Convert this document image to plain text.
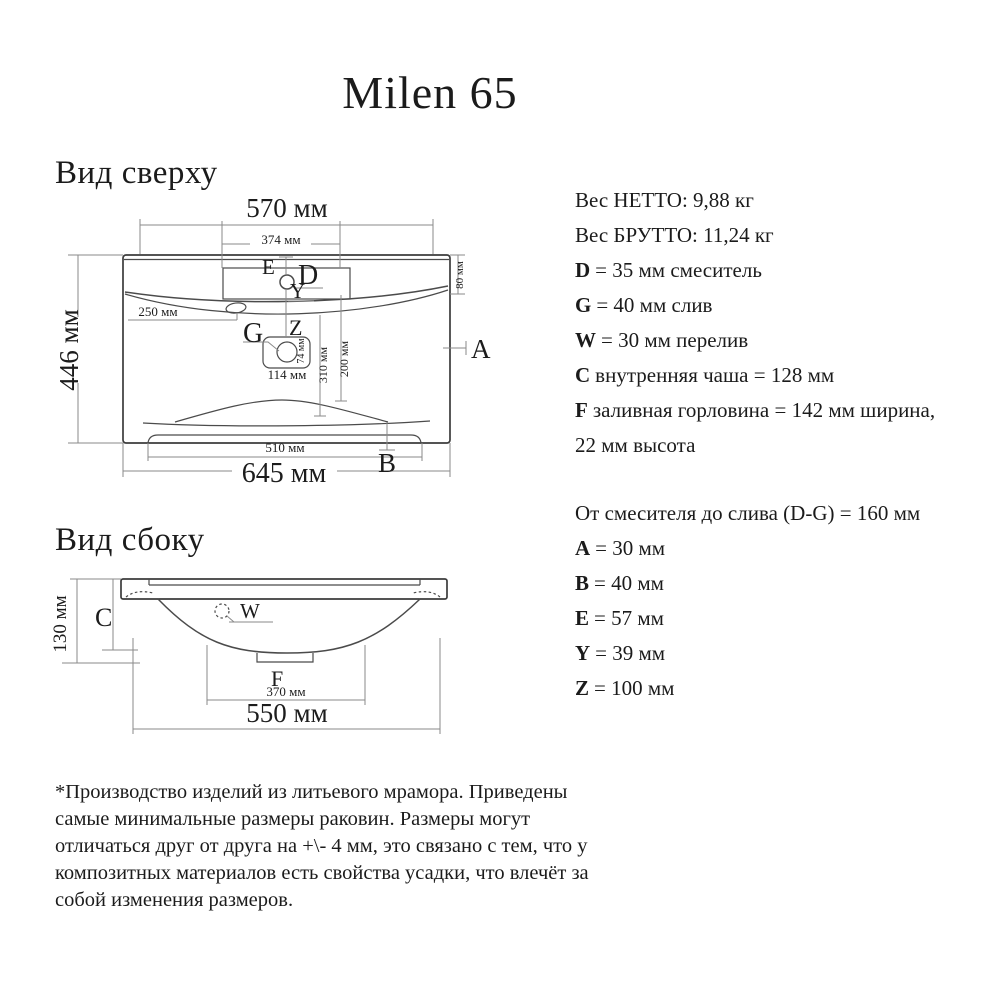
Milen 65
Вид сверху
570 мм
374 мм
446 мм
80 мм
E D
Y
250 мм
G Z
114 мм
74 мм 310 мм 200 мм
510 мм
B
645 мм
A
Вес НЕТТО: 9,88 кг
Вес БРУТТО: 11,24 кг
D = 35 мм смеситель
G = 40 мм слив
W = 30 мм перелив
C внутренняя чаша = 128 мм
F заливная горловина = 142 мм ширина,
22 мм высота
От смесителя до слива (D-G) = 160 мм
A = 30 мм
B = 40 мм
E = 57 мм
Y = 39 мм
Z = 100 мм
Вид сбоку
C
130 мм	W
F
370 мм
550 мм
*Производство изделий из литьевого мрамора. Приведены
самые минимальные размеры раковин. Размеры могут
отличаться друг от друга на +\- 4 мм, это связано с тем, что у
композитных материалов есть свойства усадки, что влечёт за
собой изменения размеров.
